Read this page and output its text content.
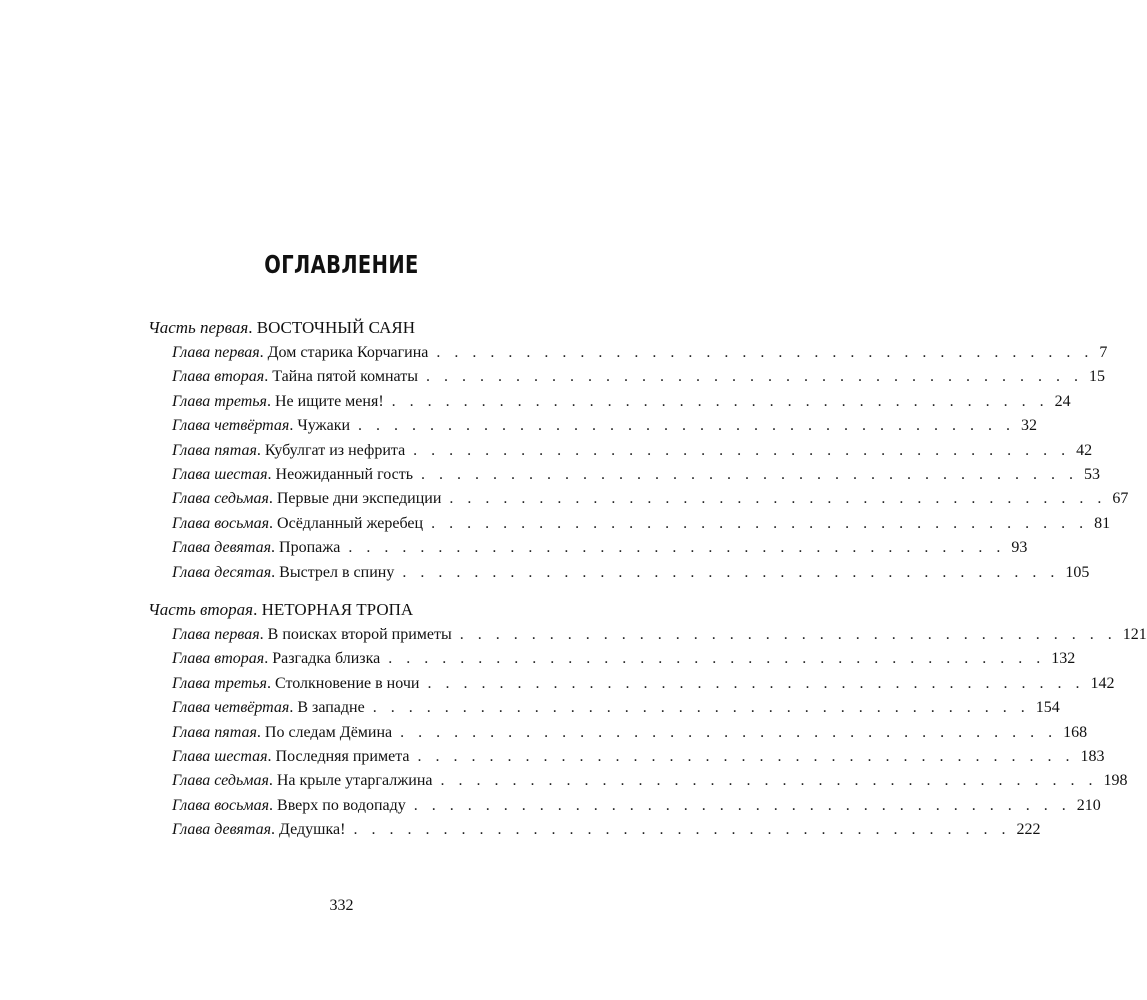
ОГЛАВЛЕНИЕ
Часть первая. ВОСТОЧНЫЙ САЯН
Глава первая . Дом старика Корчагина . . . . . . . . . . . . . . . . . . . . . . . . . . . . . . . . . . . . . 7
Глава вторая . Тайна пятой комнаты . . . . . . . . . . . . . . . . . . . . . . . . . . . . . . . . . . . . . 15
Глава третья . Не ищите меня! . . . . . . . . . . . . . . . . . . . . . . . . . . . . . . . . . . . . . 24
Глава четвёртая . Чужаки . . . . . . . . . . . . . . . . . . . . . . . . . . . . . . . . . . . . . 32
Глава пятая . Кубулгат из нефрита . . . . . . . . . . . . . . . . . . . . . . . . . . . . . . . . . . . . . 42
Глава шестая . Неожиданный гость . . . . . . . . . . . . . . . . . . . . . . . . . . . . . . . . . . . . . 53
Глава седьмая . Первые дни экспедиции . . . . . . . . . . . . . . . . . . . . . . . . . . . . . . . . . . . . . 67
Глава восьмая . Осёдланный жеребец . . . . . . . . . . . . . . . . . . . . . . . . . . . . . . . . . . . . . 81
Глава девятая . Пропажа . . . . . . . . . . . . . . . . . . . . . . . . . . . . . . . . . . . . . 93
Глава десятая . Выстрел в спину . . . . . . . . . . . . . . . . . . . . . . . . . . . . . . . . . . . . . 105
Часть вторая. НЕТОРНАЯ ТРОПА
Глава первая . В поисках второй приметы . . . . . . . . . . . . . . . . . . . . . . . . . . . . . . . . . . . . . 121
Глава вторая . Разгадка близка . . . . . . . . . . . . . . . . . . . . . . . . . . . . . . . . . . . . . 132
Глава третья . Столкновение в ночи . . . . . . . . . . . . . . . . . . . . . . . . . . . . . . . . . . . . . 142
Глава четвёртая . В западне . . . . . . . . . . . . . . . . . . . . . . . . . . . . . . . . . . . . . 154
Глава пятая . По следам Дёмина . . . . . . . . . . . . . . . . . . . . . . . . . . . . . . . . . . . . . 168
Глава шестая . Последняя примета . . . . . . . . . . . . . . . . . . . . . . . . . . . . . . . . . . . . . 183
Глава седьмая . На крыле утаргалжина . . . . . . . . . . . . . . . . . . . . . . . . . . . . . . . . . . . . . 198
Глава восьмая . Вверх по водопаду . . . . . . . . . . . . . . . . . . . . . . . . . . . . . . . . . . . . . 210
Глава девятая . Дедушка! . . . . . . . . . . . . . . . . . . . . . . . . . . . . . . . . . . . . . 222
332
